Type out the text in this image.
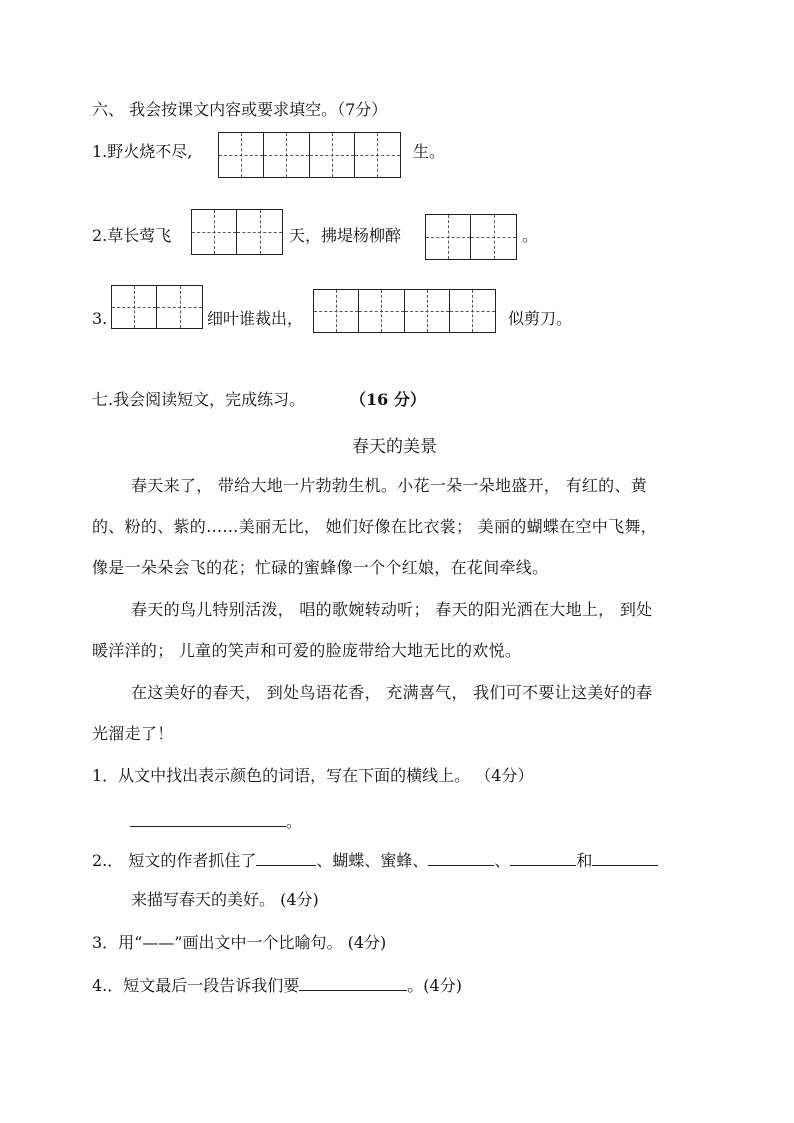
六、 我会按课文内容或要求填空。（7分）
1.野火烧不尽,	生。
2.草长莺飞	天，拂堤杨柳醉	。
3.	细叶谁裁出，	似剪刀。
七.我会阅读短文，完成练习。	（16 分）
春天的美景
春天来了， 带给大地一片勃勃生机。小花一朵一朵地盛开， 有红的、黄
的、粉的、紫的……美丽无比， 她们好像在比衣裳； 美丽的蝴蝶在空中飞舞，
像是一朵朵会飞的花；忙碌的蜜蜂像一个个红娘，在花间牵线。
春天的鸟儿特别活泼， 唱的歌婉转动听； 春天的阳光洒在大地上， 到处
暖洋洋的； 儿童的笑声和可爱的脸庞带给大地无比的欢悦。
在这美好的春天， 到处鸟语花香， 充满喜气， 我们可不要让这美好的春
光溜走了！
1．从文中找出表示颜色的词语，写在下面的横线上。 （4分）
。
2.． 短文的作者抓住了	、蝴蝶、蜜蜂、	、	和
来描写春天的美好。 (4分)
3．用“——”画出文中一个比喻句。 (4分)
4.．短文最后一段告诉我们要	。(4分)
